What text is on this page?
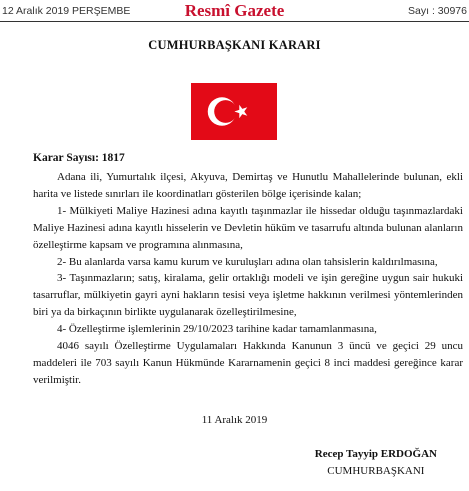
12 Aralık 2019 PERŞEMBE	Resmî Gazete	Sayı : 30976
CUMHURBAŞKANI KARARI
Karar Sayısı: 1817

Adana ili, Yumurtalık ilçesi, Akyuva, Demirtaş ve Hunutlu Mahallelerinde bulunan, ekli harita ve listede sınırları ile koordinatları gösterilen bölge içerisinde kalan;

1- Mülkiyeti Maliye Hazinesi adına kayıtlı taşınmazlar ile hissedar olduğu taşınmazlardaki Maliye Hazinesi adına kayıtlı hisselerin ve Devletin hüküm ve tasarrufu altında bulunan alanların özelleştirme kapsam ve programına alınmasına,

2- Bu alanlarda varsa kamu kurum ve kuruluşları adına olan tahsislerin kaldırılmasına,

3- Taşınmazların; satış, kiralama, gelir ortaklığı modeli ve işin gereğine uygun sair hukuki tasarruflar, mülkiyetin gayri ayni hakların tesisi veya işletme hakkının verilmesi yöntemlerinden biri ya da birkaçının birlikte uygulanarak özelleştirilmesine,

4- Özelleştirme işlemlerinin 29/10/2023 tarihine kadar tamamlanmasına,

4046 sayılı Özelleştirme Uygulamaları Hakkında Kanunun 3 üncü ve geçici 29 uncu maddeleri ile 703 sayılı Kanun Hükmünde Kararnamenin geçici 8 inci maddesi gereğince karar verilmiştir.

11 Aralık 2019
Recep Tayyip ERDOĞAN
CUMHURBAŞKANI
